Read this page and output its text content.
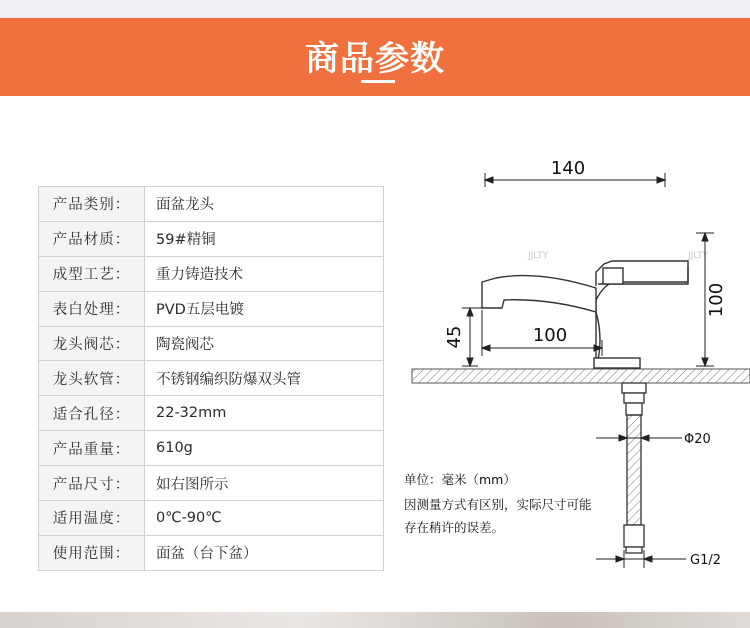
商品参数
产品类别：	面盆龙头
产品材质：	59#精铜
成型工艺：	重力铸造技术
表白处理：	PVD五层电镀
龙头阀芯：	陶瓷阀芯
龙头软管：	不锈钢编织防爆双头管
适合孔径：	22-32mm
产品重量：	610g
产品尺寸：	如右图所示
适用温度：	0℃-90℃
使用范围：	面盆（台下盆）
JJLTY	JJLTY
140
100
45	100
Φ20
G1/2
单位：毫米（mm）
因测量方式有区别，实际尺寸可能
存在稍许的误差。
